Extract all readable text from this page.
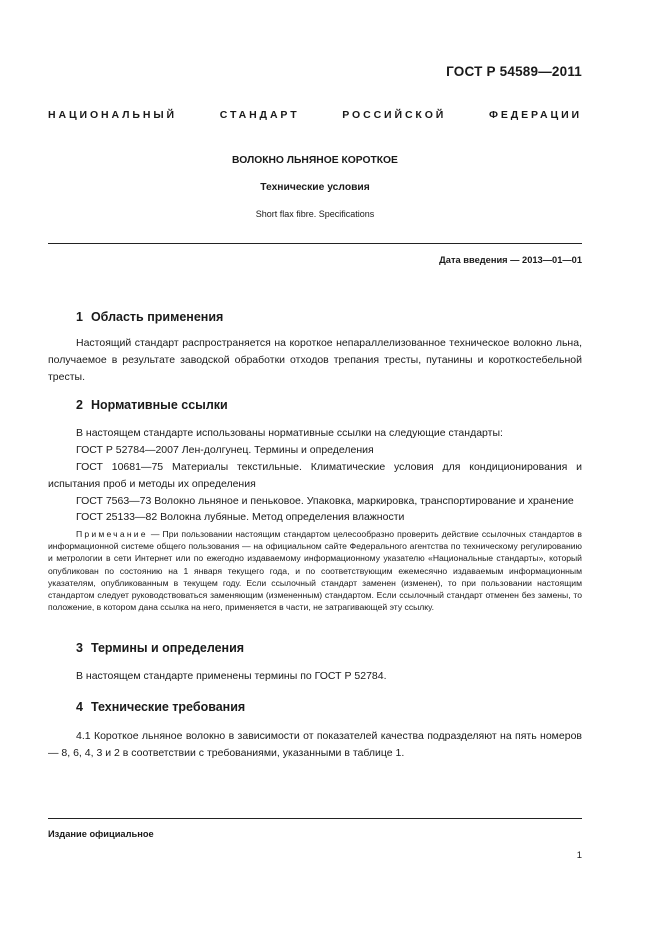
ГОСТ Р 54589—2011
НАЦИОНАЛЬНЫЙ СТАНДАРТ РОССИЙСКОЙ ФЕДЕРАЦИИ
ВОЛОКНО ЛЬНЯНОЕ КОРОТКОЕ
Технические условия
Short flax fibre. Specifications
Дата введения — 2013—01—01
1 Область применения
Настоящий стандарт распространяется на короткое непараллелизованное техническое волокно льна, получаемое в результате заводской обработки отходов трепания тресты, путанины и короткостебельной тресты.
2 Нормативные ссылки
В настоящем стандарте использованы нормативные ссылки на следующие стандарты:
ГОСТ Р 52784—2007 Лен-долгунец. Термины и определения
ГОСТ 10681—75 Материалы текстильные. Климатические условия для кондиционирования и испытания проб и методы их определения
ГОСТ 7563—73 Волокно льняное и пеньковое. Упаковка, маркировка, транспортирование и хранение
ГОСТ 25133—82 Волокна лубяные. Метод определения влажности
Примечание — При пользовании настоящим стандартом целесообразно проверить действие ссылочных стандартов в информационной системе общего пользования — на официальном сайте Федерального агентства по техническому регулированию и метрологии в сети Интернет или по ежегодно издаваемому информационному указателю «Национальные стандарты», который опубликован по состоянию на 1 января текущего года, и по соответствующим ежемесячно издаваемым информационным указателям, опубликованным в текущем году. Если ссылочный стандарт заменен (изменен), то при пользовании настоящим стандартом следует руководствоваться заменяющим (измененным) стандартом. Если ссылочный стандарт отменен без замены, то положение, в котором дана ссылка на него, применяется в части, не затрагивающей эту ссылку.
3 Термины и определения
В настоящем стандарте применены термины по ГОСТ Р 52784.
4 Технические требования
4.1 Короткое льняное волокно в зависимости от показателей качества подразделяют на пять номеров — 8, 6, 4, 3 и 2 в соответствии с требованиями, указанными в таблице 1.
Издание официальное
1
